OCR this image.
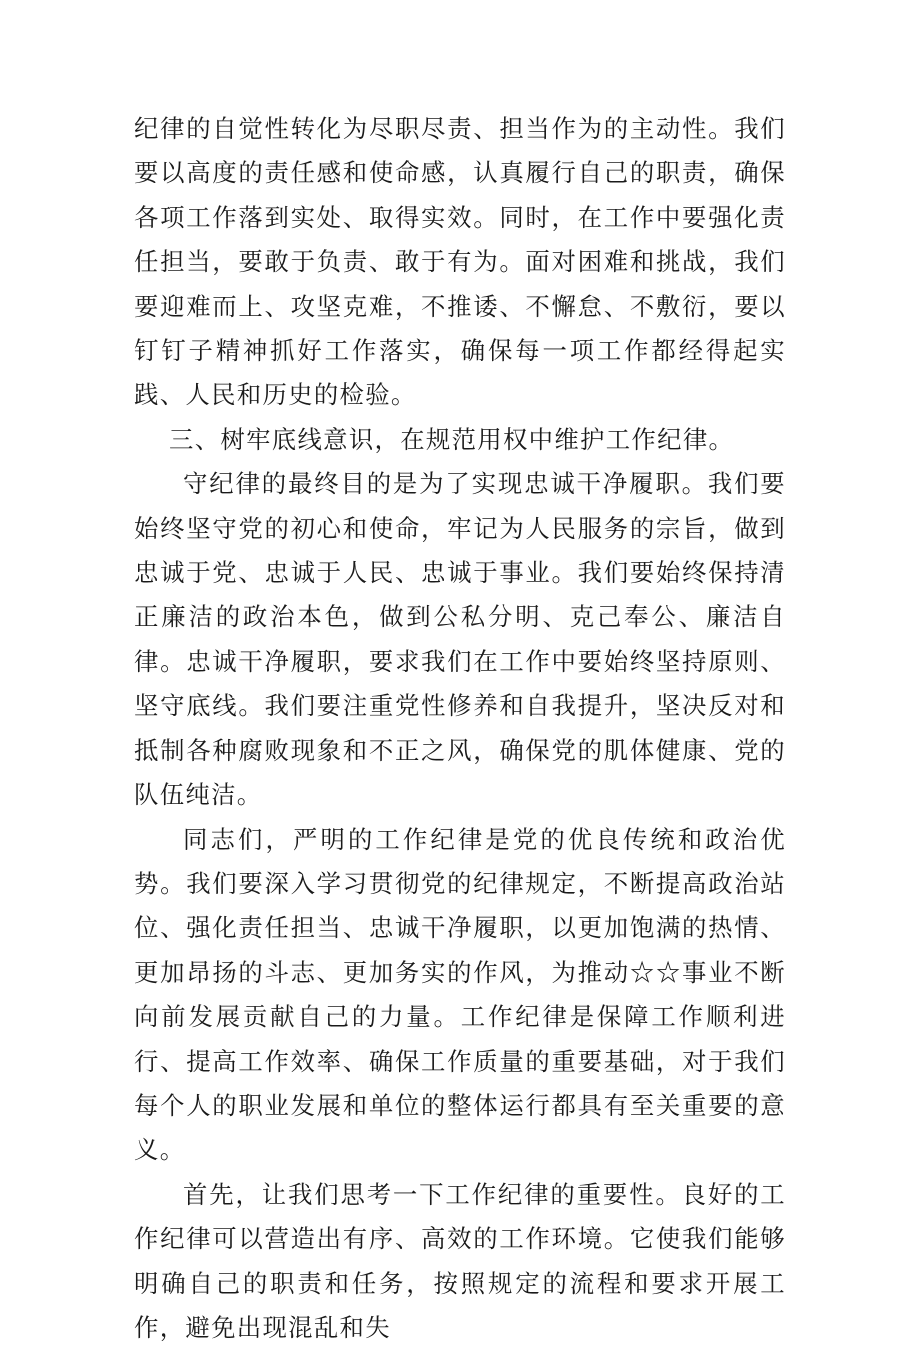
纪律的自觉性转化为尽职尽责、担当作为的主动性。我们要以高度的责任感和使命感，认真履行自己的职责，确保各项工作落到实处、取得实效。同时，在工作中要强化责任担当，要敢于负责、敢于有为。面对困难和挑战，我们要迎难而上、攻坚克难，不推诿、不懈怠、不敷衍，要以钉钉子精神抓好工作落实，确保每一项工作都经得起实践、人民和历史的检验。

三、树牢底线意识，在规范用权中维护工作纪律。

守纪律的最终目的是为了实现忠诚干净履职。我们要始终坚守党的初心和使命，牢记为人民服务的宗旨，做到忠诚于党、忠诚于人民、忠诚于事业。我们要始终保持清正廉洁的政治本色，做到公私分明、克己奉公、廉洁自律。忠诚干净履职，要求我们在工作中要始终坚持原则、坚守底线。我们要注重党性修养和自我提升，坚决反对和抵制各种腐败现象和不正之风，确保党的肌体健康、党的队伍纯洁。

同志们，严明的工作纪律是党的优良传统和政治优势。我们要深入学习贯彻党的纪律规定，不断提高政治站位、强化责任担当、忠诚干净履职，以更加饱满的热情、更加昂扬的斗志、更加务实的作风，为推动☆☆事业不断向前发展贡献自己的力量。工作纪律是保障工作顺利进行、提高工作效率、确保工作质量的重要基础，对于我们每个人的职业发展和单位的整体运行都具有至关重要的意义。

首先，让我们思考一下工作纪律的重要性。良好的工作纪律可以营造出有序、高效的工作环境。它使我们能够明确自己的职责和任务，按照规定的流程和要求开展工作，避免出现混乱和失
